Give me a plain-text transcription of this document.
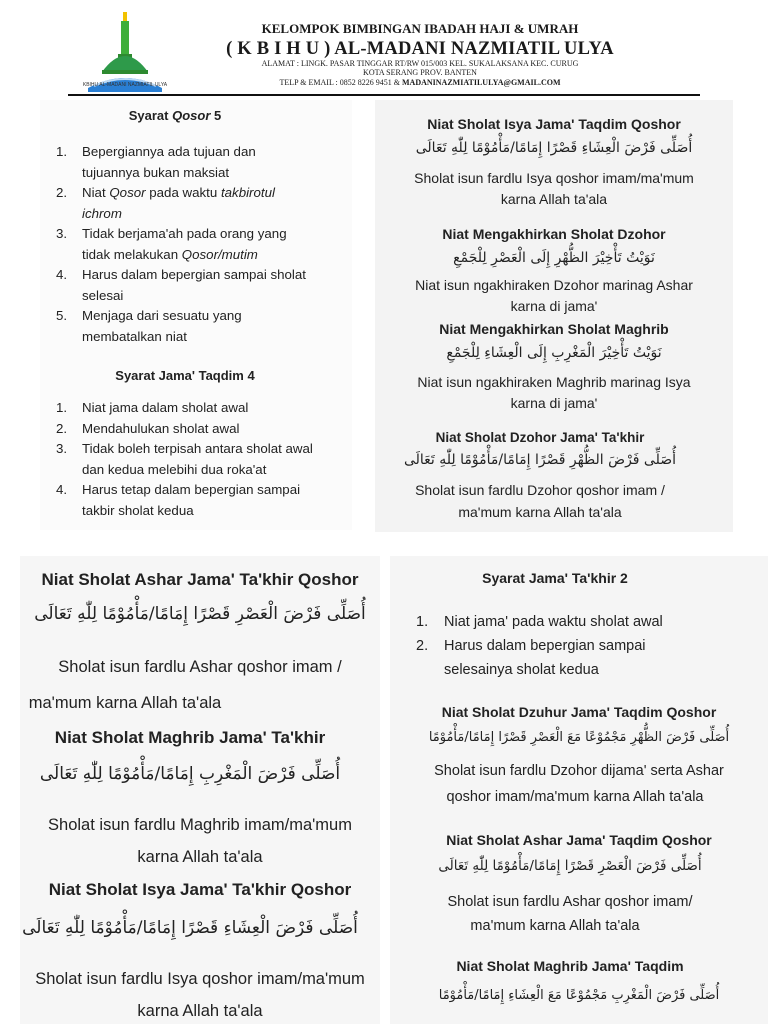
KBIHU AL-MADANI NAZMIATIL ULYA
KELOMPOK BIMBINGAN IBADAH HAJI & UMRAH
( K B I H U ) AL-MADANI NAZMIATIL ULYA
ALAMAT : LINGK. PASAR TINGGAR RT/RW 015/003 KEL. SUKALAKSANA KEC. CURUG
KOTA SERANG PROV. BANTEN
TELP & EMAIL : 0852 8226 9451 & MADANINAZMIATILULYA@GMAIL.COM
Syarat Qosor 5
1.	Bepergiannya ada tujuan dan
tujuannya bukan maksiat
2.	Niat Qosor pada waktu takbirotul
ichrom
3.	Tidak berjama'ah pada orang yang
tidak melakukan Qosor/mutim
4.	Harus dalam bepergian sampai sholat
selesai
5.	Menjaga dari sesuatu yang
membatalkan niat
Syarat Jama' Taqdim 4
1.	Niat jama dalam sholat awal
2.	Mendahulukan sholat awal
3.	Tidak boleh terpisah antara sholat awal
dan kedua melebihi dua roka'at
4.	Harus tetap dalam bepergian sampai
takbir sholat kedua
Niat Sholat Isya Jama' Taqdim Qoshor
أُصَلِّى فَرْضَ الْعِشَاءِ قَصْرًا إِمَامًا/مَأْمُوْمًا لِلّٰهِ تَعَالَى
Sholat isun fardlu Isya qoshor imam/ma'mum
karna Allah ta'ala
Niat Mengakhirkan Sholat Dzohor
نَوَيْتُ تَأْخِيْرَ الظُّهْرِ إِلَى الْعَصْرِ لِلْجَمْعِ
Niat isun ngakhiraken Dzohor marinag Ashar
karna di jama'
Niat Mengakhirkan Sholat Maghrib
نَوَيْتُ تَأْخِيْرَ الْمَغْرِبِ إِلَى الْعِشَاءِ لِلْجَمْعِ
Niat isun ngakhiraken Maghrib marinag Isya
karna di jama'
Niat Sholat Dzohor Jama' Ta'khir
أُصَلِّى فَرْضَ الظُّهْرِ قَصْرًا إِمَامًا/مَأْمُوْمًا لِلّٰهِ تَعَالَى
Sholat isun fardlu Dzohor qoshor imam /
ma'mum karna Allah ta'ala
Niat Sholat Ashar Jama' Ta'khir Qoshor
أُصَلِّى فَرْضَ الْعَصْرِ قَصْرًا إِمَامًا/مَأْمُوْمًا لِلّٰهِ تَعَالَى
Sholat isun fardlu Ashar qoshor imam /
ma'mum karna Allah ta'ala
Niat Sholat Maghrib Jama' Ta'khir
أُصَلِّى فَرْضَ الْمَغْرِبِ إِمَامًا/مَأْمُوْمًا لِلّٰهِ تَعَالَى
Sholat isun fardlu Maghrib imam/ma'mum
karna Allah ta'ala
Niat Sholat Isya Jama' Ta'khir Qoshor
أُصَلِّى فَرْضَ الْعِشَاءِ قَصْرًا إِمَامًا/مَأْمُوْمًا لِلّٰهِ تَعَالَى
Sholat isun fardlu Isya qoshor imam/ma'mum
karna Allah ta'ala
Syarat Jama' Ta'khir 2
1.	Niat jama' pada waktu sholat awal
2.	Harus dalam bepergian sampai
selesainya sholat kedua
Niat Sholat Dzuhur Jama' Taqdim Qoshor
أُصَلِّى فَرْضَ الظُّهْرِ مَجْمُوْعًا مَعَ الْعَصْرِ قَصْرًا إِمَامًا/مَأْمُوْمًا
Sholat isun fardlu Dzohor dijama' serta Ashar
qoshor imam/ma'mum karna Allah ta'ala
Niat Sholat Ashar Jama' Taqdim Qoshor
أُصَلِّى فَرْضَ الْعَصْرِ قَصْرًا إِمَامًا/مَأْمُوْمًا لِلّٰهِ تَعَالَى
Sholat isun fardlu Ashar qoshor imam/
ma'mum karna Allah ta'ala
Niat Sholat Maghrib Jama' Taqdim
أُصَلِّى فَرْضَ الْمَغْرِبِ مَجْمُوْعًا مَعَ الْعِشَاءِ إِمَامًا/مَأْمُوْمًا
